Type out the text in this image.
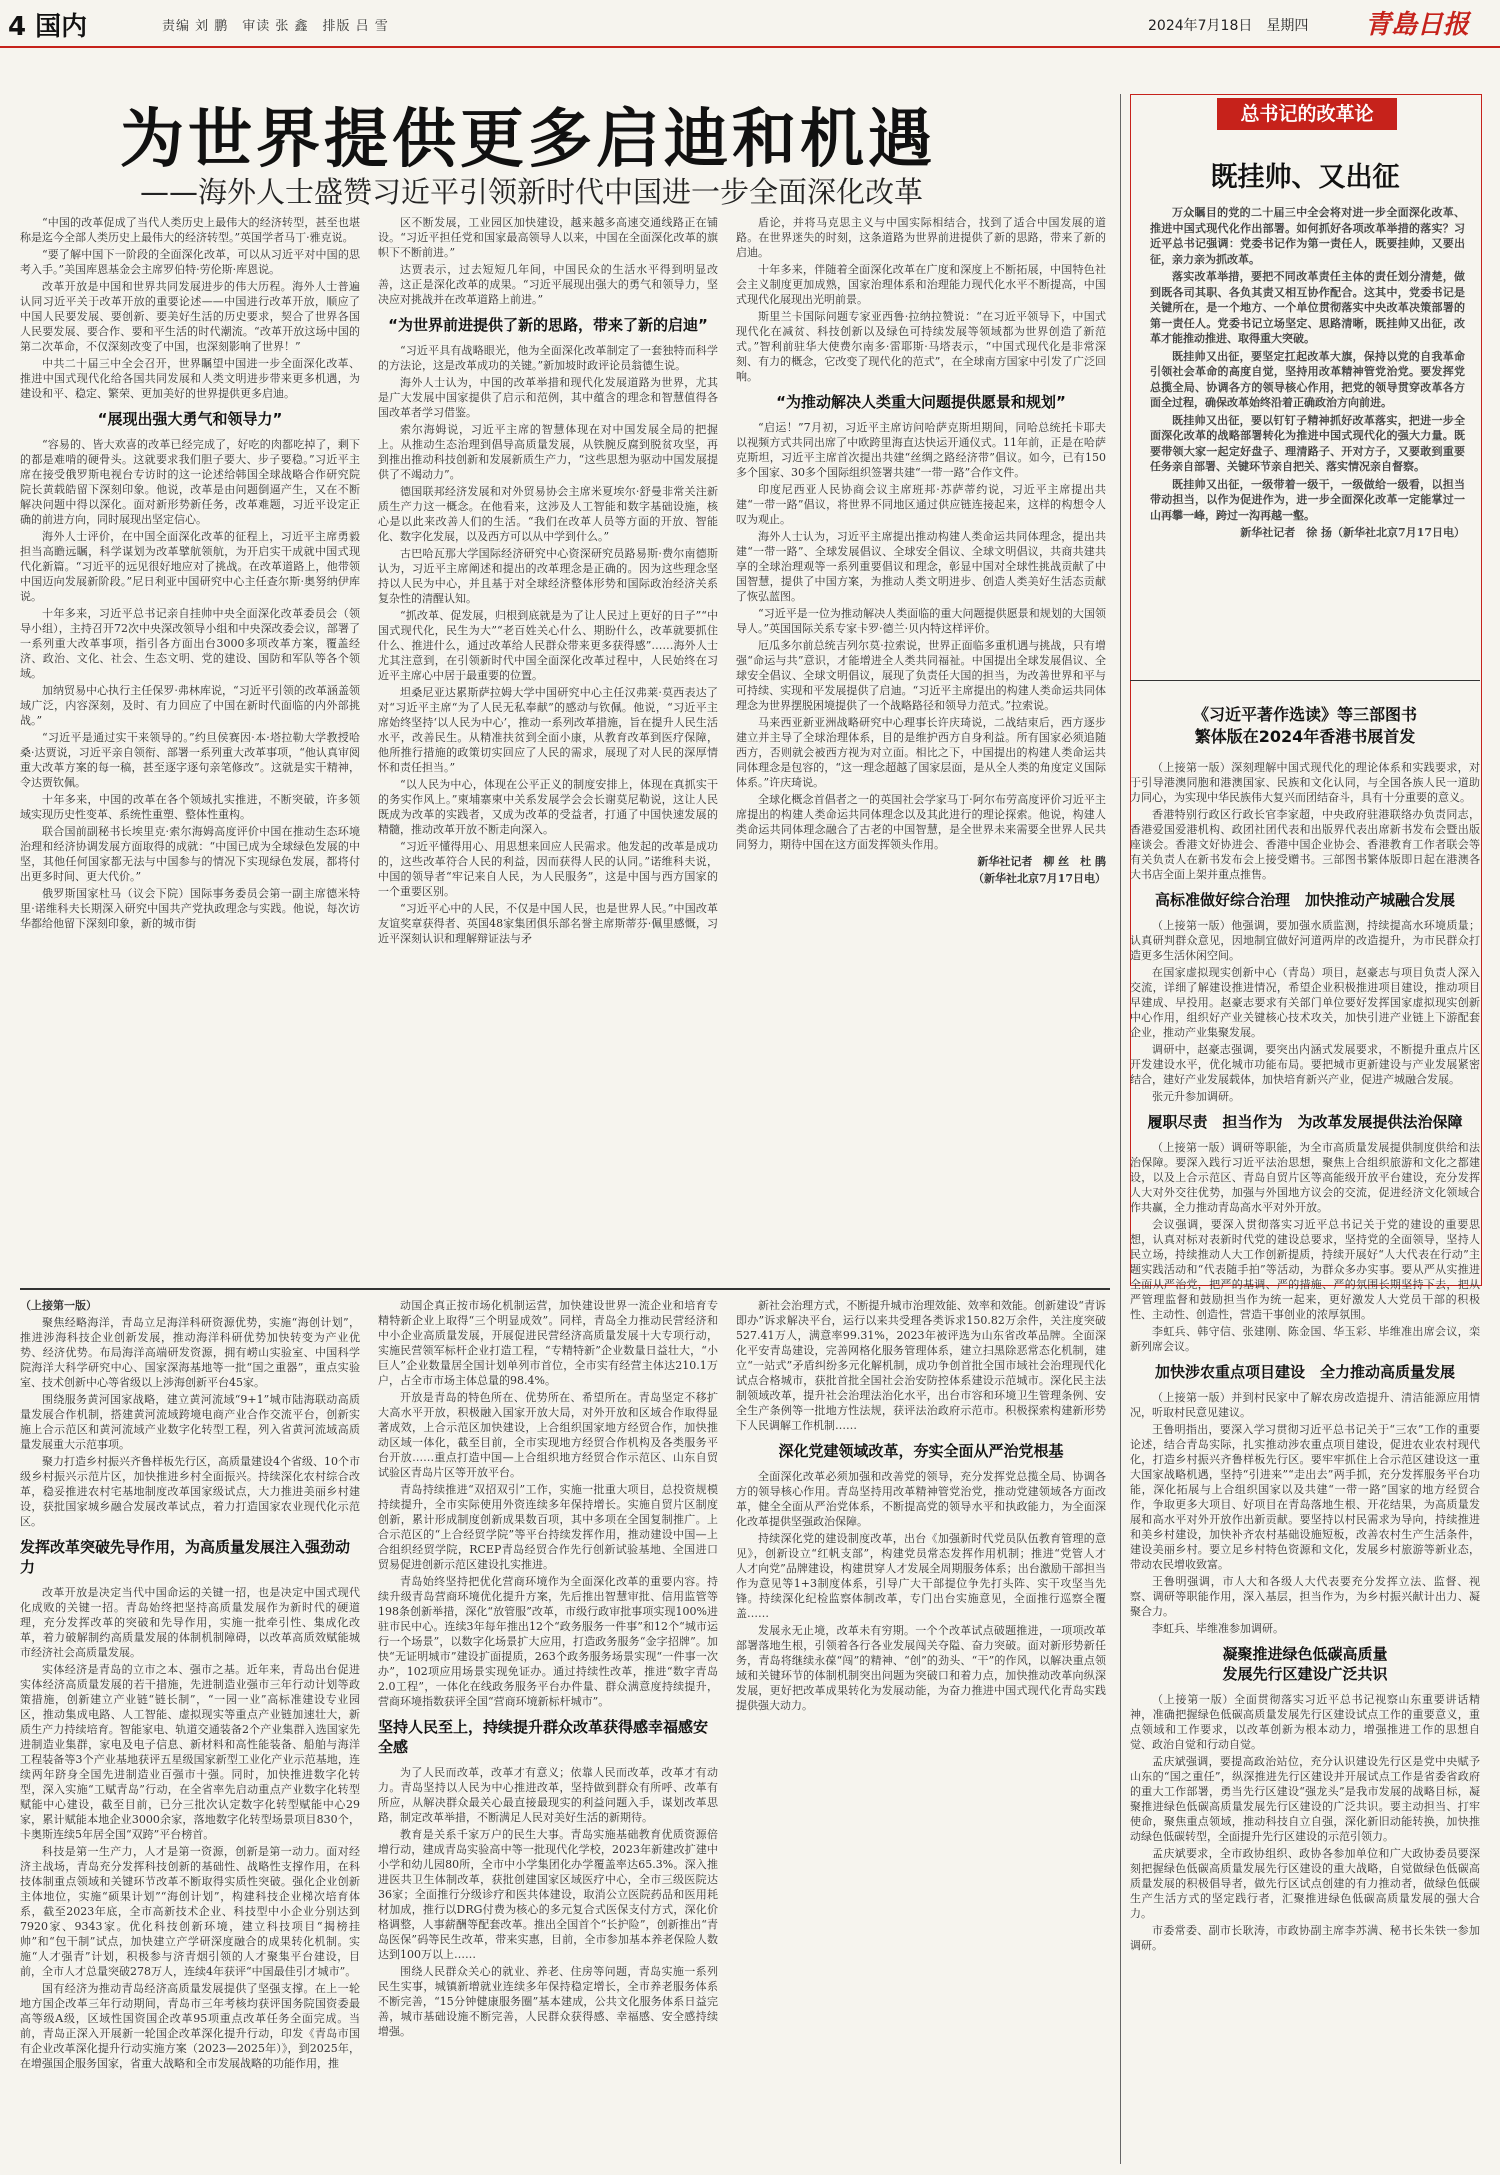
4 国内	责编 刘 鹏　审读 张 鑫　排版 吕 雪	2024年7月18日　星期四 青島日报
为世界提供更多启迪和机遇
——海外人士盛赞习近平引领新时代中国进一步全面深化改革

“中国的改革促成了当代人类历史上最伟大的经济转型，甚至也堪称是迄今全部人类历史上最伟大的经济转型。”英国学者马丁·雅克说。

“要了解中国下一阶段的全面深化改革，可以从习近平对中国的思考入手。”美国库恩基金会主席罗伯特·劳伦斯·库恩说。

改革开放是中国和世界共同发展进步的伟大历程。海外人士普遍认同习近平关于改革开放的重要论述——中国进行改革开放，顺应了中国人民要发展、要创新、要美好生活的历史要求，契合了世界各国人民要发展、要合作、要和平生活的时代潮流。“改革开放这场中国的第二次革命，不仅深刻改变了中国，也深刻影响了世界！”

中共二十届三中全会召开，世界瞩望中国进一步全面深化改革、推进中国式现代化给各国共同发展和人类文明进步带来更多机遇，为建设和平、稳定、繁荣、更加美好的世界提供更多启迪。

“展现出强大勇气和领导力”

“容易的、皆大欢喜的改革已经完成了，好吃的肉都吃掉了，剩下的都是难啃的硬骨头。这就要求我们胆子要大、步子要稳。”习近平主席在接受俄罗斯电视台专访时的这一论述给韩国全球战略合作研究院院长黄载皓留下深刻印象。他说，改革是由问题倒逼产生，又在不断解决问题中得以深化。面对新形势新任务，改革难题，习近平设定正确的前进方向，同时展现出坚定信心。

海外人士评价，在中国全面深化改革的征程上，习近平主席勇毅担当高瞻远瞩，科学谋划为改革擘航领航，为开启实干成就中国式现代化新篇。“习近平的远见很好地应对了挑战。在改革道路上，他带领中国迈向发展新阶段。”尼日利亚中国研究中心主任查尔斯·奥努纳伊库说。

十年多来，习近平总书记亲自挂帅中央全面深化改革委员会（领导小组），主持召开72次中央深改领导小组和中央深改委会议，部署了一系列重大改革事项，指引各方面出台3000多项改革方案，覆盖经济、政治、文化、社会、生态文明、党的建设、国防和军队等各个领域。

加纳贸易中心执行主任保罗·弗林库说，“习近平引领的改革涵盖领域广泛，内容深刻，及时、有力回应了中国在新时代面临的内外部挑战。”

“习近平是通过实干来领导的。”约旦侯赛因·本·塔拉勒大学教授哈桑·达贾说，习近平亲自领衔、部署一系列重大改革事项，“他认真审阅重大改革方案的每一稿，甚至逐字逐句亲笔修改”。这就是实干精神，令达贾钦佩。

十年多来，中国的改革在各个领域扎实推进，不断突破，许多领域实现历史性变革、系统性重塑、整体性重构。

联合国前副秘书长埃里克·索尔海姆高度评价中国在推动生态环境治理和经济协调发展方面取得的成就：“中国已成为全球绿色发展的中坚，其他任何国家都无法与中国参与的情况下实现绿色发展，都将付出更多时间、更大代价。”

俄罗斯国家杜马（议会下院）国际事务委员会第一副主席德米特里·诺维科夫长期深入研究中国共产党执政理念与实践。他说，每次访华都给他留下深刻印象，新的城市街

区不断发展，工业园区加快建设，越来越多高速交通线路正在铺设。“习近平担任党和国家最高领导人以来，中国在全面深化改革的旗帜下不断前进。”

达贾表示，过去短短几年间，中国民众的生活水平得到明显改善，这正是深化改革的成果。“习近平展现出强大的勇气和领导力，坚决应对挑战并在改革道路上前进。”

“为世界前进提供了新的思路，带来了新的启迪”

“习近平具有战略眼光，他为全面深化改革制定了一套独特而科学的方法论，这是改革成功的关键。”新加坡时政评论员翁德生说。

海外人士认为，中国的改革举措和现代化发展道路为世界，尤其是广大发展中国家提供了启示和范例，其中蕴含的理念和智慧值得各国改革者学习借鉴。

索尔海姆说，习近平主席的智慧体现在对中国发展全局的把握上。从推动生态治理到倡导高质量发展，从铁腕反腐到脱贫攻坚，再到推出推动科技创新和发展新质生产力，“这些思想为驱动中国发展提供了不竭动力”。

德国联邦经济发展和对外贸易协会主席米夏埃尔·舒曼非常关注新质生产力这一概念。在他看来，这涉及人工智能和数字基础设施，核心是以此来改善人们的生活。“我们在改革人员等方面的开放、智能化、数字化发展，以及西方可以从中学到什么。”

古巴哈瓦那大学国际经济研究中心资深研究员路易斯·费尔南德斯认为，习近平主席阐述和提出的改革理念是正确的。因为这些理念坚持以人民为中心，并且基于对全球经济整体形势和国际政治经济关系复杂性的清醒认知。

“抓改革、促发展，归根到底就是为了让人民过上更好的日子”“中国式现代化，民生为大”“老百姓关心什么、期盼什么，改革就要抓住什么、推进什么，通过改革给人民群众带来更多获得感”……海外人士尤其注意到，在引领新时代中国全面深化改革过程中，人民始终在习近平主席心中居于最重要的位置。

坦桑尼亚达累斯萨拉姆大学中国研究中心主任汉弗莱·莫西表达了对“习近平主席“为了人民无私奉献”的感动与钦佩。他说，“习近平主席始终坚持‘以人民为中心’，推动一系列改革措施，旨在提升人民生活水平，改善民生。从精准扶贫到全面小康，从教育改革到医疗保障，他所推行措施的政策切实回应了人民的需求，展现了对人民的深厚情怀和责任担当。”

“以人民为中心，体现在公平正义的制度安排上，体现在真抓实干的务实作风上。”柬埔寨柬中关系发展学会会长谢莫尼勒说，这让人民既成为改革的实践者，又成为改革的受益者，打通了中国快速发展的精髓，推动改革开放不断走向深入。

“习近平懂得用心、用思想来回应人民需求。他发起的改革是成功的，这些改革符合人民的利益，因而获得人民的认同。”诺维科夫说，中国的领导者“牢记来自人民，为人民服务”，这是中国与西方国家的一个重要区别。

“习近平心中的人民，不仅是中国人民，也是世界人民。”中国改革友谊奖章获得者、英国48家集团俱乐部名誉主席斯蒂芬·佩里感慨，习近平深刻认识和理解辩证法与矛

盾论，并将马克思主义与中国实际相结合，找到了适合中国发展的道路。在世界迷失的时刻，这条道路为世界前进提供了新的思路，带来了新的启迪。

十年多来，伴随着全面深化改革在广度和深度上不断拓展，中国特色社会主义制度更加成熟，国家治理体系和治理能力现代化水平不断提高，中国式现代化展现出光明前景。

斯里兰卡国际问题专家亚西鲁·拉纳拉赞说：“在习近平领导下，中国式现代化在减贫、科技创新以及绿色可持续发展等领域都为世界创造了新范式。”智利前驻华大使费尔南多·雷耶斯·马塔表示，“中国式现代化是非常深刻、有力的概念，它改变了现代化的范式”，在全球南方国家中引发了广泛回响。

“为推动解决人类重大问题提供愿景和规划”

“启运！”7月初，习近平主席访问哈萨克斯坦期间，同哈总统托卡耶夫以视频方式共同出席了中欧跨里海直达快运开通仪式。11年前，正是在哈萨克斯坦，习近平主席首次提出共建“丝绸之路经济带”倡议。如今，已有150多个国家、30多个国际组织签署共建“一带一路”合作文件。

印度尼西亚人民协商会议主席班邦·苏萨蒂约说，习近平主席提出共建“一带一路”倡议，将世界不同地区通过供应链连接起来，这样的构想令人叹为观止。

海外人士认为，习近平主席提出推动构建人类命运共同体理念，提出共建“一带一路”、全球发展倡议、全球安全倡议、全球文明倡议，共商共建共享的全球治理观等一系列重要倡议和理念，彰显中国对全球性挑战贡献了中国智慧，提供了中国方案，为推动人类文明进步、创造人类美好生活态贡献了恢弘蓝图。

“习近平是一位为推动解决人类面临的重大问题提供愿景和规划的大国领导人。”英国国际关系专家卡罗·德兰·贝内特这样评价。

厄瓜多尔前总统吉列尔莫·拉索说，世界正面临多重机遇与挑战，只有增强“命运与共”意识，才能增进全人类共同福祉。中国提出全球发展倡议、全球安全倡议、全球文明倡议，展现了负责任大国的担当，为改善世界和平与可持续、实现和平发展提供了启迪。“习近平主席提出的构建人类命运共同体理念为世界摆脱困境提供了一个战略路径和领导力范式。”拉索说。

马来西亚新亚洲战略研究中心理事长许庆琦说，二战结束后，西方逐步建立并主导了全球治理体系，目的是维护西方自身利益。所有国家必须追随西方，否则就会被西方视为对立面。相比之下，中国提出的构建人类命运共同体理念是包容的，“这一理念超越了国家层面，是从全人类的角度定义国际体系。”许庆琦说。

全球化概念首倡者之一的英国社会学家马丁·阿尔布劳高度评价习近平主席提出的构建人类命运共同体理念以及其此进行的理论探索。他说，构建人类命运共同体理念融合了古老的中国智慧，是全世界未来需要全世界人民共同努力，期待中国在这方面发挥领头作用。

新华社记者　柳 丝　杜 鹃

（新华社北京7月17日电）

总书记的改革论
既挂帅、又出征

万众瞩目的党的二十届三中全会将对进一步全面深化改革、推进中国式现代化作出部署。如何抓好各项改革举措的落实？习近平总书记强调：党委书记作为第一责任人，既要挂帅，又要出征，亲力亲为抓改革。

落实改革举措，要把不同改革责任主体的责任划分清楚，做到既各司其职、各负其责又相互协作配合。这其中，党委书记是关键所在，是一个地方、一个单位贯彻落实中央改革决策部署的第一责任人。党委书记立场坚定、思路清晰，既挂帅又出征，改革才能推动推进、取得重大突破。

既挂帅又出征，要坚定扛起改革大旗，保持以党的自我革命引领社会革命的高度自觉，坚持用改革精神管党治党。要发挥党总揽全局、协调各方的领导核心作用，把党的领导贯穿改革各方面全过程，确保改革始终沿着正确政治方向前进。

既挂帅又出征，要以钉钉子精神抓好改革落实，把进一步全面深化改革的战略部署转化为推进中国式现代化的强大力量。既要带领大家一起定好盘子、理清路子、开对方子，又要敢到重要任务亲自部署、关键环节亲自把关、落实情况亲自督察。

既挂帅又出征，一级带着一级干，一级做给一级看，以担当带动担当，以作为促进作为，进一步全面深化改革一定能掌过一山再攀一峰，跨过一沟再越一壑。

新华社记者　徐 扬（新华社北京7月17日电）

《习近平著作选读》等三部图书
繁体版在2024年香港书展首发

（上接第一版）深刻理解中国式现代化的理论体系和实践要求，对于引导港澳同胞和港澳国家、民族和文化认同，与全国各族人民一道助力同心，为实现中华民族伟大复兴而团结奋斗，具有十分重要的意义。

香港特别行政区行政长官李家超，中央政府驻港联络办负责同志，香港爱国爱港机构、政团社团代表和出版界代表出席新书发布会暨出版座谈会。香港文好协进会、香港中国企业协会、香港教育工作者联会等有关负责人在新书发布会上接受赠书。三部图书繁体版即日起在港澳各大书店全面上架并重点推售。

高标准做好综合治理　加快推动产城融合发展

（上接第一版）他强调，要加强水质监测，持续提高水环境质量；认真研判群众意见，因地制宜做好河道两岸的改造提升，为市民群众打造更多生活休闲空间。

在国家虚拟现实创新中心（青岛）项目，赵豪志与项目负责人深入交流，详细了解建设推进情况，希望企业积极推进项目建设，推动项目早建成、早投用。赵豪志要求有关部门单位要好发挥国家虚拟现实创新中心作用，组织好产业关键核心技术攻关，加快引进产业链上下游配套企业，推动产业集聚发展。

调研中，赵豪志强调，要突出内涵式发展要求，不断提升重点片区开发建设水平，优化城市功能布局。要把城市更新建设与产业发展紧密结合，建好产业发展载体，加快培育新兴产业，促进产城融合发展。

张元升参加调研。

履职尽责　担当作为　为改革发展提供法治保障

（上接第一版）调研等职能，为全市高质量发展提供制度供给和法治保障。要深入践行习近平法治思想，聚焦上合组织旅游和文化之都建设，以及上合示范区、青岛自贸片区等高能级开放平台建设，充分发挥人大对外交往优势，加强与外国地方议会的交流，促进经济文化领域合作共赢，全力推动青岛高水平对外开放。

会议强调，要深入贯彻落实习近平总书记关于党的建设的重要思想，认真对标对表新时代党的建设总要求，坚持党的全面领导，坚持人民立场，持续推动人大工作创新提质，持续开展好“人大代表在行动”主题实践活动和“代表随手拍”等活动，为群众多办实事。要从严从实推进全面从严治党，把严的基调、严的措施、严的氛围长期坚持下去，把从严管理监督和鼓励担当作为统一起来，更好激发人大党员干部的积极性、主动性、创造性，营造干事创业的浓厚氛围。

李虹兵、韩守信、张建刚、陈金国、华玉彩、毕维准出席会议，栾新列席会议。

加快涉农重点项目建设　全力推动高质量发展

（上接第一版）并到村民家中了解农房改造提升、清洁能源应用情况，听取村民意见建议。

王鲁明指出，要深入学习贯彻习近平总书记关于“三农”工作的重要论述，结合青岛实际，扎实推动涉农重点项目建设，促进农业农村现代化，打造乡村振兴齐鲁样板先行区。要牢牢抓住上合示范区建设这一重大国家战略机遇，坚持“引进来”“走出去”两手抓，充分发挥服务平台功能，深化拓展与上合组织国家以及共建“一带一路”国家的地方经贸合作，争取更多大项目、好项目在青岛落地生根、开花结果，为高质量发展和高水平对外开放作出新贡献。要坚持以村民需求为导向，持续推进和美乡村建设，加快补齐农村基础设施短板，改善农村生产生活条件，建设美丽乡村。要立足乡村特色资源和文化，发展乡村旅游等新业态，带动农民增收致富。

王鲁明强调，市人大和各级人大代表要充分发挥立法、监督、视察、调研等职能作用，深入基层，担当作为，为乡村振兴献计出力、凝聚合力。

李虹兵、毕维准参加调研。

凝聚推进绿色低碳高质量
发展先行区建设广泛共识

（上接第一版）全面贯彻落实习近平总书记视察山东重要讲话精神，准确把握绿色低碳高质量发展先行区建设试点工作的重要意义，重点领域和工作要求，以改革创新为根本动力，增强推进工作的思想自觉、政治自觉和行动自觉。

孟庆斌强调，要提高政治站位，充分认识建设先行区是党中央赋予山东的“国之重任”，纵深推进先行区建设并开展试点工作是省委省政府的重大工作部署，勇当先行区建设“强龙头”是我市发展的战略目标，凝聚推进绿色低碳高质量发展先行区建设的广泛共识。要主动担当、打牢使命，聚焦重点领域，推动科技自立自强，深化新旧动能转换，加快推动绿色低碳转型，全面提升先行区建设的示范引领力。

孟庆斌要求，全市政协组织、政协各参加单位和广大政协委员要深刻把握绿色低碳高质量发展先行区建设的重大战略，自觉做绿色低碳高质量发展的积极倡导者，做先行区试点创建的有力推动者，做绿色低碳生产生活方式的坚定践行者，汇聚推进绿色低碳高质量发展的强大合力。

市委常委、副市长耿涛，市政协副主席李苏满、秘书长朱铁一参加调研。

（上接第一版）

聚焦经略海洋，青岛立足海洋科研资源优势，实施“海创计划”，推进涉海科技企业创新发展，推动海洋科研优势加快转变为产业优势、经济优势。布局海洋高端研发资源，拥有崂山实验室、中国科学院海洋大科学研究中心、国家深海基地等一批“国之重器”，重点实验室、技术创新中心等省级以上涉海创新平台45家。

围绕服务黄河国家战略，建立黄河流域“9+1”城市陆海联动高质量发展合作机制，搭建黄河流域跨境电商产业合作交流平台，创新实施上合示范区和黄河流域产业数字化转型工程，列入省黄河流域高质量发展重大示范事项。

聚力打造乡村振兴齐鲁样板先行区，高质量建设4个省级、10个市级乡村振兴示范片区，加快推进乡村全面振兴。持续深化农村综合改革，稳妥推进农村宅基地制度改革国家级试点，大力推进美丽乡村建设，获批国家城乡融合发展改革试点，着力打造国家农业现代化示范区。

发挥改革突破先导作用，为高质量发展注入强劲动力

改革开放是决定当代中国命运的关键一招，也是决定中国式现代化成败的关键一招。青岛始终把坚持高质量发展作为新时代的硬道理，充分发挥改革的突破和先导作用，实施一批牵引性、集成化改革，着力破解制约高质量发展的体制机制障碍，以改革高质效赋能城市经济社会高质量发展。

实体经济是青岛的立市之本、强市之基。近年来，青岛出台促进实体经济高质量发展的若干措施，先进制造业强市三年行动计划等政策措施，创新建立产业链“链长制”，“一园一业”高标准建设专业园区，推动集成电路、人工智能、虚拟现实等重点产业链加速壮大，新质生产力持续培育。智能家电、轨道交通装备2个产业集群入选国家先进制造业集群，家电及电子信息、新材料和高性能装备、船舶与海洋工程装备等3个产业基地获评五星级国家新型工业化产业示范基地，连续两年跻身全国先进制造业百强市十强。同时，加快推进数字化转型，深入实施“工赋青岛”行动，在全省率先启动重点产业数字化转型赋能中心建设，截至目前，已分三批次认定数字化转型赋能中心29家，累计赋能本地企业3000余家，落地数字化转型场景项目830个，卡奥斯连续5年居全国“双跨”平台榜首。

科技是第一生产力，人才是第一资源，创新是第一动力。面对经济主战场，青岛充分发挥科技创新的基础性、战略性支撑作用，在科技体制重点领域和关键环节改革不断取得实质性突破。强化企业创新主体地位，实施“硕果计划”“海创计划”，构建科技企业梯次培育体系，截至2023年底，全市高新技术企业、科技型中小企业分别达到7920家、9343家。优化科技创新环境，建立科技项目“揭榜挂帅”和“包干制”试点，加快建立产学研深度融合的成果转化机制。实施“人才强青”计划，积极参与济青烟引领的人才聚集平台建设，目前，全市人才总量突破278万人，连续4年获评“中国最佳引才城市”。

国有经济为推动青岛经济高质量发展提供了坚强支撑。在上一轮地方国企改革三年行动期间，青岛市三年考核均获评国务院国资委最高等级A级，区域性国资国企改革95项重点改革任务全面完成。当前，青岛正深入开展新一轮国企改革深化提升行动，印发《青岛市国有企业改革深化提升行动实施方案（2023—2025年）》，到2025年，在增强国企服务国家，省重大战略和全市发展战略的功能作用，推

动国企真正按市场化机制运营，加快建设世界一流企业和培育专精特新企业上取得“三个明显成效”。同样，青岛全力推动民营经济和中小企业高质量发展，开展促进民营经济高质量发展十大专项行动，实施民营领军标杆企业打造工程，“专精特新”企业数量日益壮大，“小巨人”企业数量居全国计划单列市首位，全市实有经营主体达210.1万户，占全市市场主体总量的98.4%。

开放是青岛的特色所在、优势所在、希望所在。青岛坚定不移扩大高水平开放，积极融入国家开放大局，对外开放和区域合作取得显著成效，上合示范区加快建设，上合组织国家地方经贸合作，加快推动区域一体化，截至目前，全市实现地方经贸合作机构及各类服务平台开放……重点打造中国—上合组织地方经贸合作示范区、山东自贸试验区青岛片区等开放平台。

青岛持续推进“双招双引”工作，实施一批重大项目，总投资规模持续提升，全市实际使用外资连续多年保持增长。实施自贸片区制度创新，累计形成制度创新成果数百项，其中多项在全国复制推广。上合示范区的“上合经贸学院”等平台持续发挥作用，推动建设中国—上合组织经贸学院，RCEP青岛经贸合作先行创新试验基地、全国进口贸易促进创新示范区建设扎实推进。

青岛始终坚持把优化营商环境作为全面深化改革的重要内容。持续升级青岛营商环境优化提升方案，先后推出智慧审批、信用监管等198条创新举措，深化“放管服”改革，市级行政审批事项实现100%进驻市民中心。连续3年每年推出12个“政务服务一件事”和12个“城市运行一个场景”，以数字化场景扩大应用，打造政务服务“金字招牌”。加快“无证明城市”建设扩面提质，263个政务服务场景实现“一件事一次办”，102项应用场景实现免证办。通过持续性改革，推进“数字青岛2.0工程”，一体化在线政务服务平台办件量、群众满意度持续提升，营商环境指数获评全国“营商环境新标杆城市”。

坚持人民至上，持续提升群众改革获得感幸福感安全感

为了人民而改革，改革才有意义；依靠人民而改革，改革才有动力。青岛坚持以人民为中心推进改革，坚持做到群众有所呼、改革有所应，从解决群众最关心最直接最现实的利益问题入手，谋划改革思路，制定改革举措，不断满足人民对美好生活的新期待。

教育是关系千家万户的民生大事。青岛实施基础教育优质资源倍增行动，建成青岛实验高中等一批现代化学校，2023年新建改扩建中小学和幼儿园80所，全市中小学集团化办学覆盖率达65.3%。深入推进医共卫生体制改革，获批创建国家区域医疗中心，全市三级医院达36家；全面推行分级诊疗和医共体建设，取消公立医院药品和医用耗材加成，推行以DRG付费为核心的多元复合式医保支付方式，深化价格调整，人事薪酬等配套改革。推出全国首个“长护险”，创新推出“青岛医保”码等民生改革，带来实惠，目前，全市参加基本养老保险人数达到100万以上……

围绕人民群众关心的就业、养老、住房等问题，青岛实施一系列民生实事，城镇新增就业连续多年保持稳定增长，全市养老服务体系不断完善，“15分钟健康服务圈”基本建成，公共文化服务体系日益完善，城市基础设施不断完善，人民群众获得感、幸福感、安全感持续增强。

新社会治理方式，不断提升城市治理效能、效率和效能。创新建设“青诉即办”诉求解决平台，运行以来共受理各类诉求150.82万余件，关注度突破527.41万人，满意率99.31%，2023年被评选为山东省改革品牌。全面深化平安青岛建设，完善网格化服务管理体系，建立扫黑除恶常态化机制，建立“一站式”矛盾纠纷多元化解机制，成功争创首批全国市域社会治理现代化试点合格城市，获批首批全国社会治安防控体系建设示范城市。深化民主法制领域改革，提升社会治理法治化水平，出台市容和环境卫生管理条例、安全生产条例等一批地方性法规，获评法治政府示范市。积极探索构建新形势下人民调解工作机制……

深化党建领域改革，夯实全面从严治党根基

全面深化改革必须加强和改善党的领导，充分发挥党总揽全局、协调各方的领导核心作用。青岛坚持用改革精神管党治党，推动党建领域各方面改革，健全全面从严治党体系，不断提高党的领导水平和执政能力，为全面深化改革提供坚强政治保障。

持续深化党的建设制度改革，出台《加强新时代党员队伍教育管理的意见》，创新设立“红帆支部”，构建党员常态发挥作用机制；推进“党管人才　人才向党”品牌建设，构建贯穿人才发展全周期服务体系；出台激励干部担当作为意见等1+3制度体系，引导广大干部提位争先打头阵、实干攻坚当先锋。持续深化纪检监察体制改革，专门出台实施意见，全面推行巡察全覆盖……

发展永无止境，改革未有穷期。一个个改革试点破题推进，一项项改革部署落地生根，引领着各行各业发展闯关夺隘、奋力突破。面对新形势新任务，青岛将继续永葆“闯”的精神、“创”的劲头、“干”的作风，以解决重点领域和关键环节的体制机制突出问题为突破口和着力点，加快推动改革向纵深发展，更好把改革成果转化为发展动能，为奋力推进中国式现代化青岛实践提供强大动力。
